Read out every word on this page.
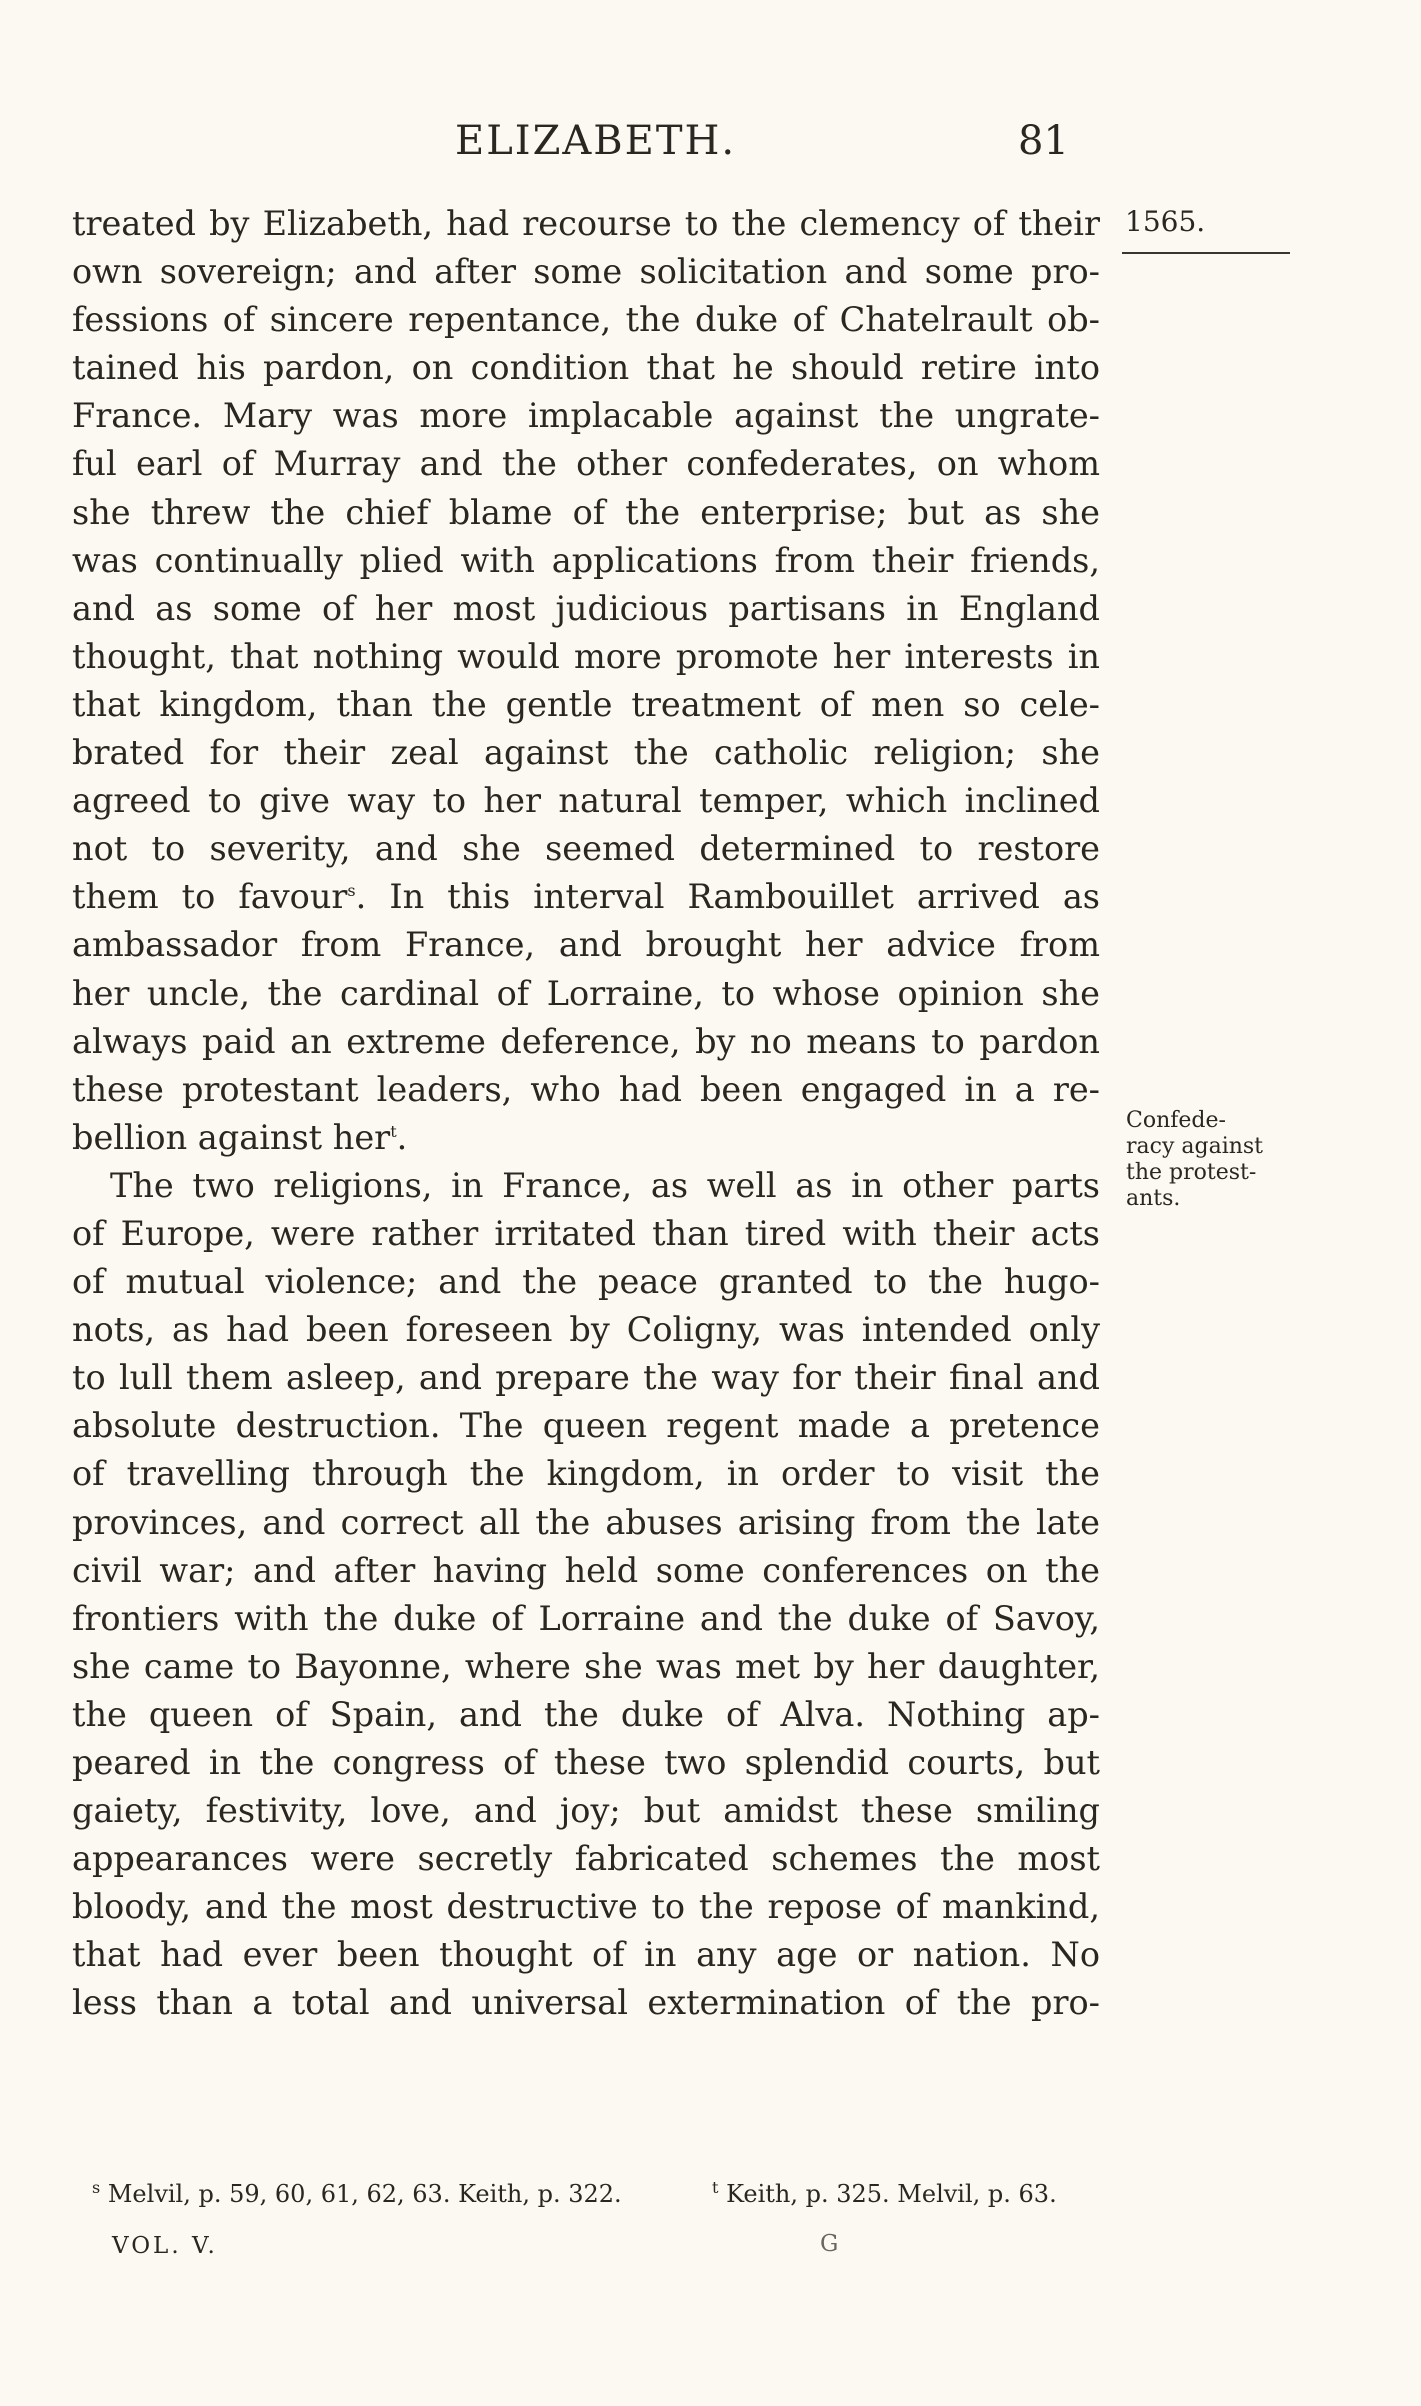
ELIZABETH.	81
1565.
Confede-
racy against
the protest-
ants.
treated by Elizabeth, had recourse to the clemency of their
own sovereign; and after some solicitation and some pro-
fessions of sincere repentance, the duke of Chatelrault ob-
tained his pardon, on condition that he should retire into
France. Mary was more implacable against the ungrate-
ful earl of Murray and the other confederates, on whom
she threw the chief blame of the enterprise; but as she
was continually plied with applications from their friends,
and as some of her most judicious partisans in England
thought, that nothing would more promote her interests in
that kingdom, than the gentle treatment of men so cele-
brated for their zeal against the catholic religion; she
agreed to give way to her natural temper, which inclined
not to severity, and she seemed determined to restore
them to favour$^s$. In this interval Rambouillet arrived as
ambassador from France, and brought her advice from
her uncle, the cardinal of Lorraine, to whose opinion she
always paid an extreme deference, by no means to pardon
these protestant leaders, who had been engaged in a re-
bellion against her$^t$.
The two religions, in France, as well as in other parts
of Europe, were rather irritated than tired with their acts
of mutual violence; and the peace granted to the hugo-
nots, as had been foreseen by Coligny, was intended only
to lull them asleep, and prepare the way for their final and
absolute destruction. The queen regent made a pretence
of travelling through the kingdom, in order to visit the
provinces, and correct all the abuses arising from the late
civil war; and after having held some conferences on the
frontiers with the duke of Lorraine and the duke of Savoy,
she came to Bayonne, where she was met by her daughter,
the queen of Spain, and the duke of Alva. Nothing ap-
peared in the congress of these two splendid courts, but
gaiety, festivity, love, and joy; but amidst these smiling
appearances were secretly fabricated schemes the most
bloody, and the most destructive to the repose of mankind,
that had ever been thought of in any age or nation. No
less than a total and universal extermination of the pro-
$^s$ Melvil, p. 59, 60, 61, 62, 63. Keith, p. 322.	$^t$ Keith, p. 325. Melvil, p. 63.
VOL. V.	G
